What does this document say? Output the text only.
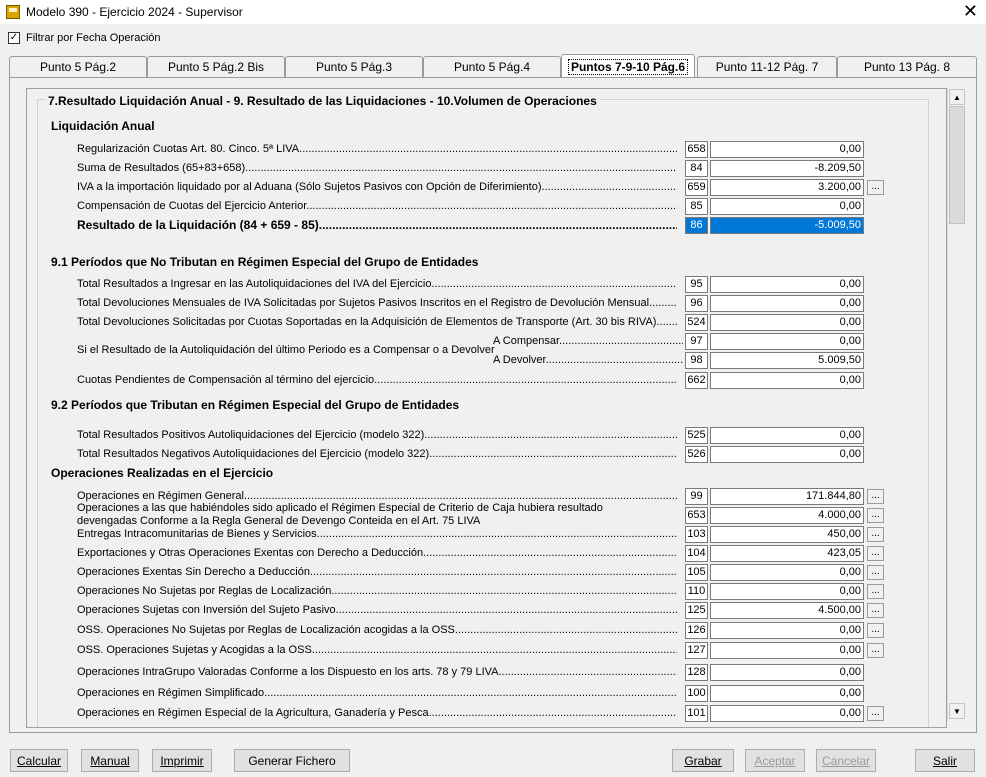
Modelo 390 - Ejercicio 2024 - Supervisor	✕
✓ Filtrar por Fecha Operación
Punto 5 Pág.2	Punto 5 Pág.2 Bis	Punto 5 Pág.3	Punto 5 Pág.4	Puntos 7-9-10 Pág.6	Punto 11-12 Pág. 7	Punto 13 Pág. 8
7.Resultado Liquidación Anual - 9. Resultado de las Liquidaciones - 10.Volumen de Operaciones
Liquidación Anual
Regularización Cuotas Art. 80. Cinco. 5ª LIVA .....	658	0,00
Suma de Resultados (65+83+658) .....	84	-8.209,50
IVA a la importación liquidado por al Aduana (Sólo Sujetos Pasivos con Opción de Diferimiento) .....	659	3.200,00	...
Compensación de Cuotas del Ejercicio Anterior .....	85	0,00
Resultado de la Liquidación (84 + 659 - 85) .....	86	-5.009,50
9.1 Períodos que No Tributan en Régimen Especial del Grupo de Entidades
Total Resultados a Ingresar en las Autoliquidaciones del IVA del Ejercicio .....	95	0,00
Total Devoluciones Mensuales de IVA Solicitadas por Sujetos Pasivos Inscritos en el Registro de Devolución Mensual .....	96	0,00
Total Devoluciones Solicitadas por Cuotas Soportadas en la Adquisición de Elementos de Transporte (Art. 30 bis RIVA) .....	524	0,00
Si el Resultado de la Autoliquidación del último Periodo es a Compensar o a Devolver
A Compensar .....	97	0,00
A Devolver .....	98	5.009,50
Cuotas Pendientes de Compensación al término del ejercicio .....	662	0,00
9.2 Períodos que Tributan en Régimen Especial del Grupo de Entidades
Total Resultados Positivos Autoliquidaciones del Ejercicio (modelo 322) .....	525	0,00
Total Resultados Negativos Autoliquidaciones del Ejercicio (modelo 322) .....	526	0,00
Operaciones Realizadas en el Ejercicio
Operaciones en Régimen General .....	99	171.844,80	...
Operaciones a las que habiéndoles sido aplicado el Régimen Especial de Criterio de Caja hubiera resultado devengadas Conforme a la Regla General de Devengo Conteida en el Art. 75 LIVA	653	4.000,00	...
Entregas Intracomunitarias de Bienes y Servicios .....	103	450,00	...
Exportaciones y Otras Operaciones Exentas con Derecho a Deducción .....	104	423,05	...
Operaciones Exentas Sin Derecho a Deducción .....	105	0,00	...
Operaciones No Sujetas por Reglas de Localización .....	110	0,00	...
Operaciones Sujetas con Inversión del Sujeto Pasivo .....	125	4.500,00	...
OSS. Operaciones No Sujetas por Reglas de Localización acogidas a la OSS .....	126	0,00	...
OSS. Operaciones Sujetas y Acogidas a la OSS .....	127	0,00	...
Operaciones IntraGrupo Valoradas Conforme a los Dispuesto en los arts. 78 y 79 LIVA .....	128	0,00
Operaciones en Régimen Simplificado .....	100	0,00
Operaciones en Régimen Especial de la Agricultura, Ganadería y Pesca .....	101	0,00	...
▲
▼
Calcular Manual	Imprimir	Generar Fichero	Grabar	Aceptar Cancelar	Salir
